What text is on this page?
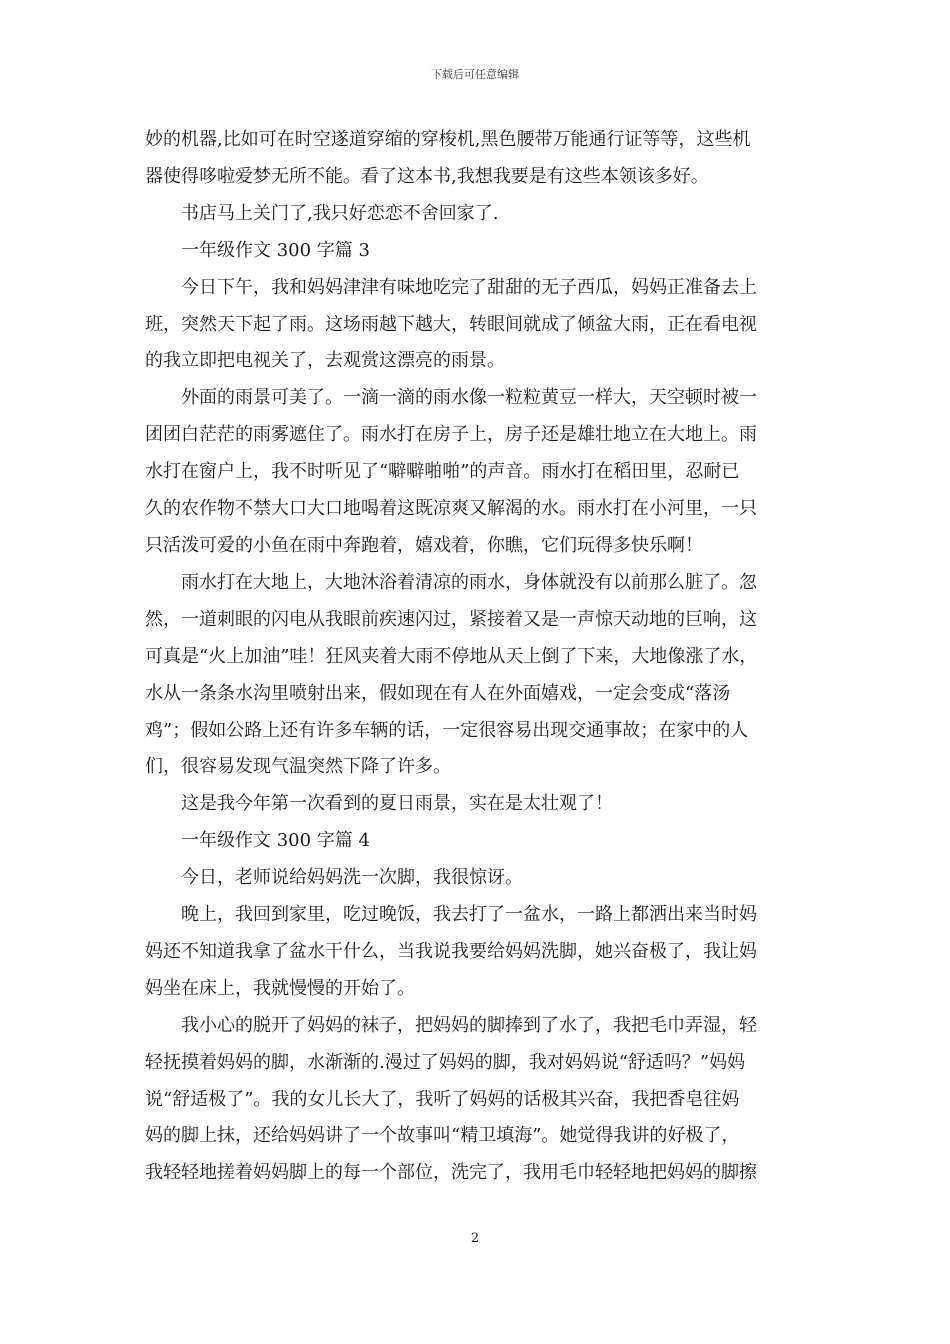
下载后可任意编辑

妙的机器,比如可在时空遂道穿缩的穿梭机,黑色腰带万能通行证等等，这些机

器使得哆啦爱梦无所不能。看了这本书,我想我要是有这些本领该多好。

书店马上关门了,我只好恋恋不舍回家了.

一年级作文 300 字篇 3

今日下午，我和妈妈津津有味地吃完了甜甜的无子西瓜，妈妈正准备去上

班，突然天下起了雨。这场雨越下越大，转眼间就成了倾盆大雨，正在看电视

的我立即把电视关了，去观赏这漂亮的雨景。

外面的雨景可美了。一滴一滴的雨水像一粒粒黄豆一样大，天空顿时被一

团团白茫茫的雨雾遮住了。雨水打在房子上，房子还是雄壮地立在大地上。雨

水打在窗户上，我不时听见了“噼噼啪啪”的声音。雨水打在稻田里，忍耐已

久的农作物不禁大口大口地喝着这既凉爽又解渴的水。雨水打在小河里，一只

只活泼可爱的小鱼在雨中奔跑着，嬉戏着，你瞧，它们玩得多快乐啊！

雨水打在大地上，大地沐浴着清凉的雨水，身体就没有以前那么脏了。忽

然，一道刺眼的闪电从我眼前疾速闪过，紧接着又是一声惊天动地的巨响，这

可真是“火上加油”哇！狂风夹着大雨不停地从天上倒了下来，大地像涨了水，

水从一条条水沟里喷射出来，假如现在有人在外面嬉戏，一定会变成“落汤

鸡”；假如公路上还有许多车辆的话，一定很容易出现交通事故；在家中的人

们，很容易发现气温突然下降了许多。

这是我今年第一次看到的夏日雨景，实在是太壮观了！

一年级作文 300 字篇 4

今日，老师说给妈妈洗一次脚，我很惊讶。

晚上，我回到家里，吃过晚饭，我去打了一盆水，一路上都洒出来当时妈

妈还不知道我拿了盆水干什么，当我说我要给妈妈洗脚，她兴奋极了，我让妈

妈坐在床上，我就慢慢的开始了。

我小心的脱开了妈妈的袜子，把妈妈的脚捧到了水了，我把毛巾弄湿，轻

轻抚摸着妈妈的脚，水渐渐的.漫过了妈妈的脚，我对妈妈说“舒适吗？”妈妈

说“舒适极了”。我的女儿长大了，我听了妈妈的话极其兴奋，我把香皂往妈

妈的脚上抹，还给妈妈讲了一个故事叫“精卫填海”。她觉得我讲的好极了，

我轻轻地搓着妈妈脚上的每一个部位，洗完了，我用毛巾轻轻地把妈妈的脚擦

2
